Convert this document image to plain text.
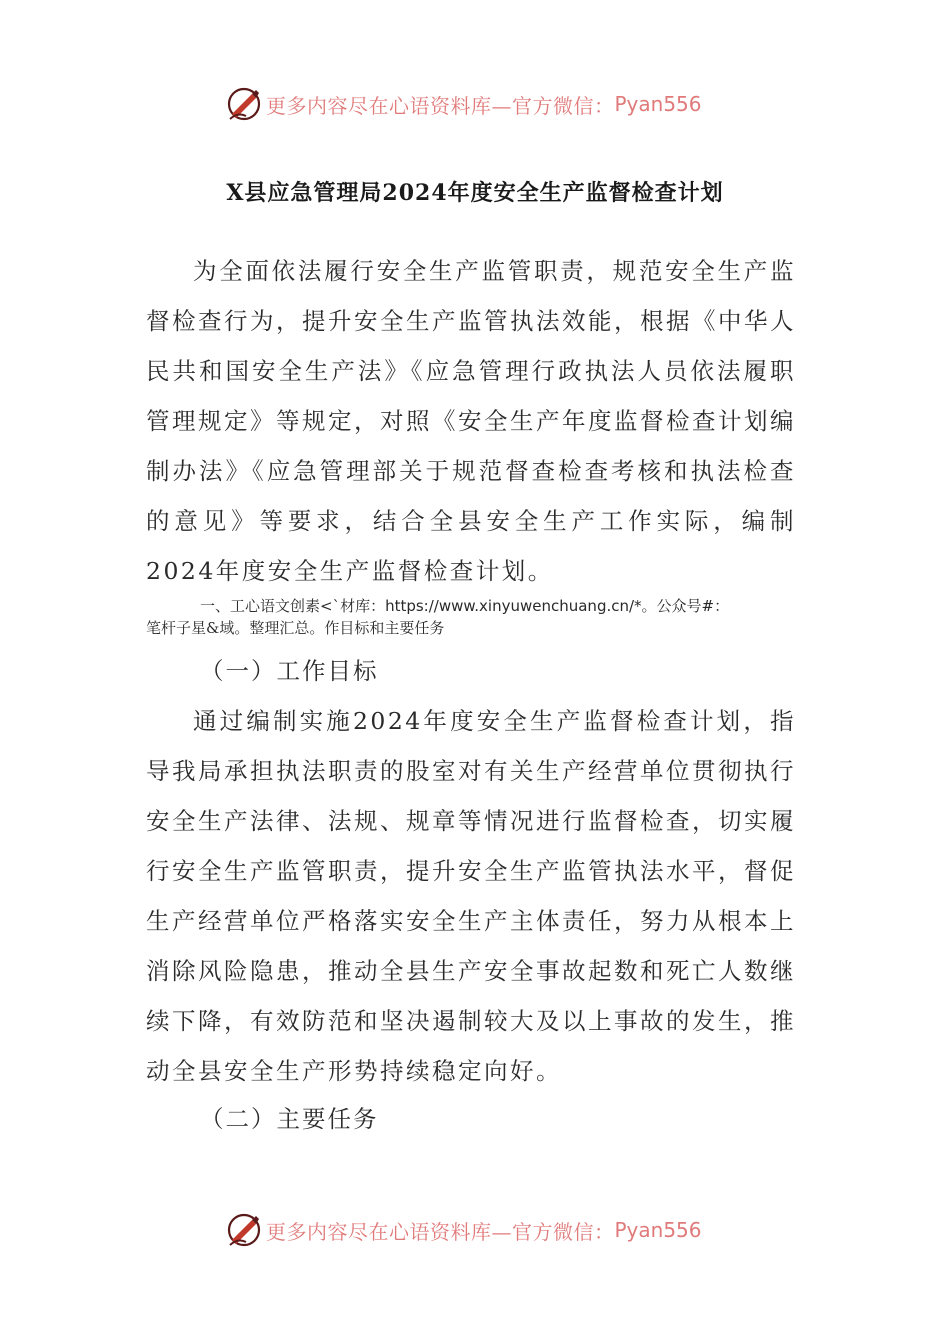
更多内容尽在心语资料库—官方微信： Pyan556
X县应急管理局2024年度安全生产监督检查计划

为全面依法履行安全生产监管职责，规范安全生产监督检查行为，提升安全生产监管执法效能，根据《中华人民共和国安全生产法》《应急管理行政执法人员依法履职管理规定》等规定，对照《安全生产年度监督检查计划编制办法》《应急管理部关于规范督查检查考核和执法检查的意见》等要求，结合全县安全生产工作实际，编制2024年度安全生产监督检查计划。

一、工心语文创素<`材库：https://www.xinyuwenchuang.cn/*。公众号#：
笔杆子星&域。整理汇总。作目标和主要任务

（一）工作目标

通过编制实施2024年度安全生产监督检查计划，指导我局承担执法职责的股室对有关生产经营单位贯彻执行安全生产法律、法规、规章等情况进行监督检查，切实履行安全生产监管职责，提升安全生产监管执法水平，督促生产经营单位严格落实安全生产主体责任，努力从根本上消除风险隐患，推动全县生产安全事故起数和死亡人数继续下降，有效防范和坚决遏制较大及以上事故的发生，推动全县安全生产形势持续稳定向好。

（二）主要任务

更多内容尽在心语资料库—官方微信： Pyan556
